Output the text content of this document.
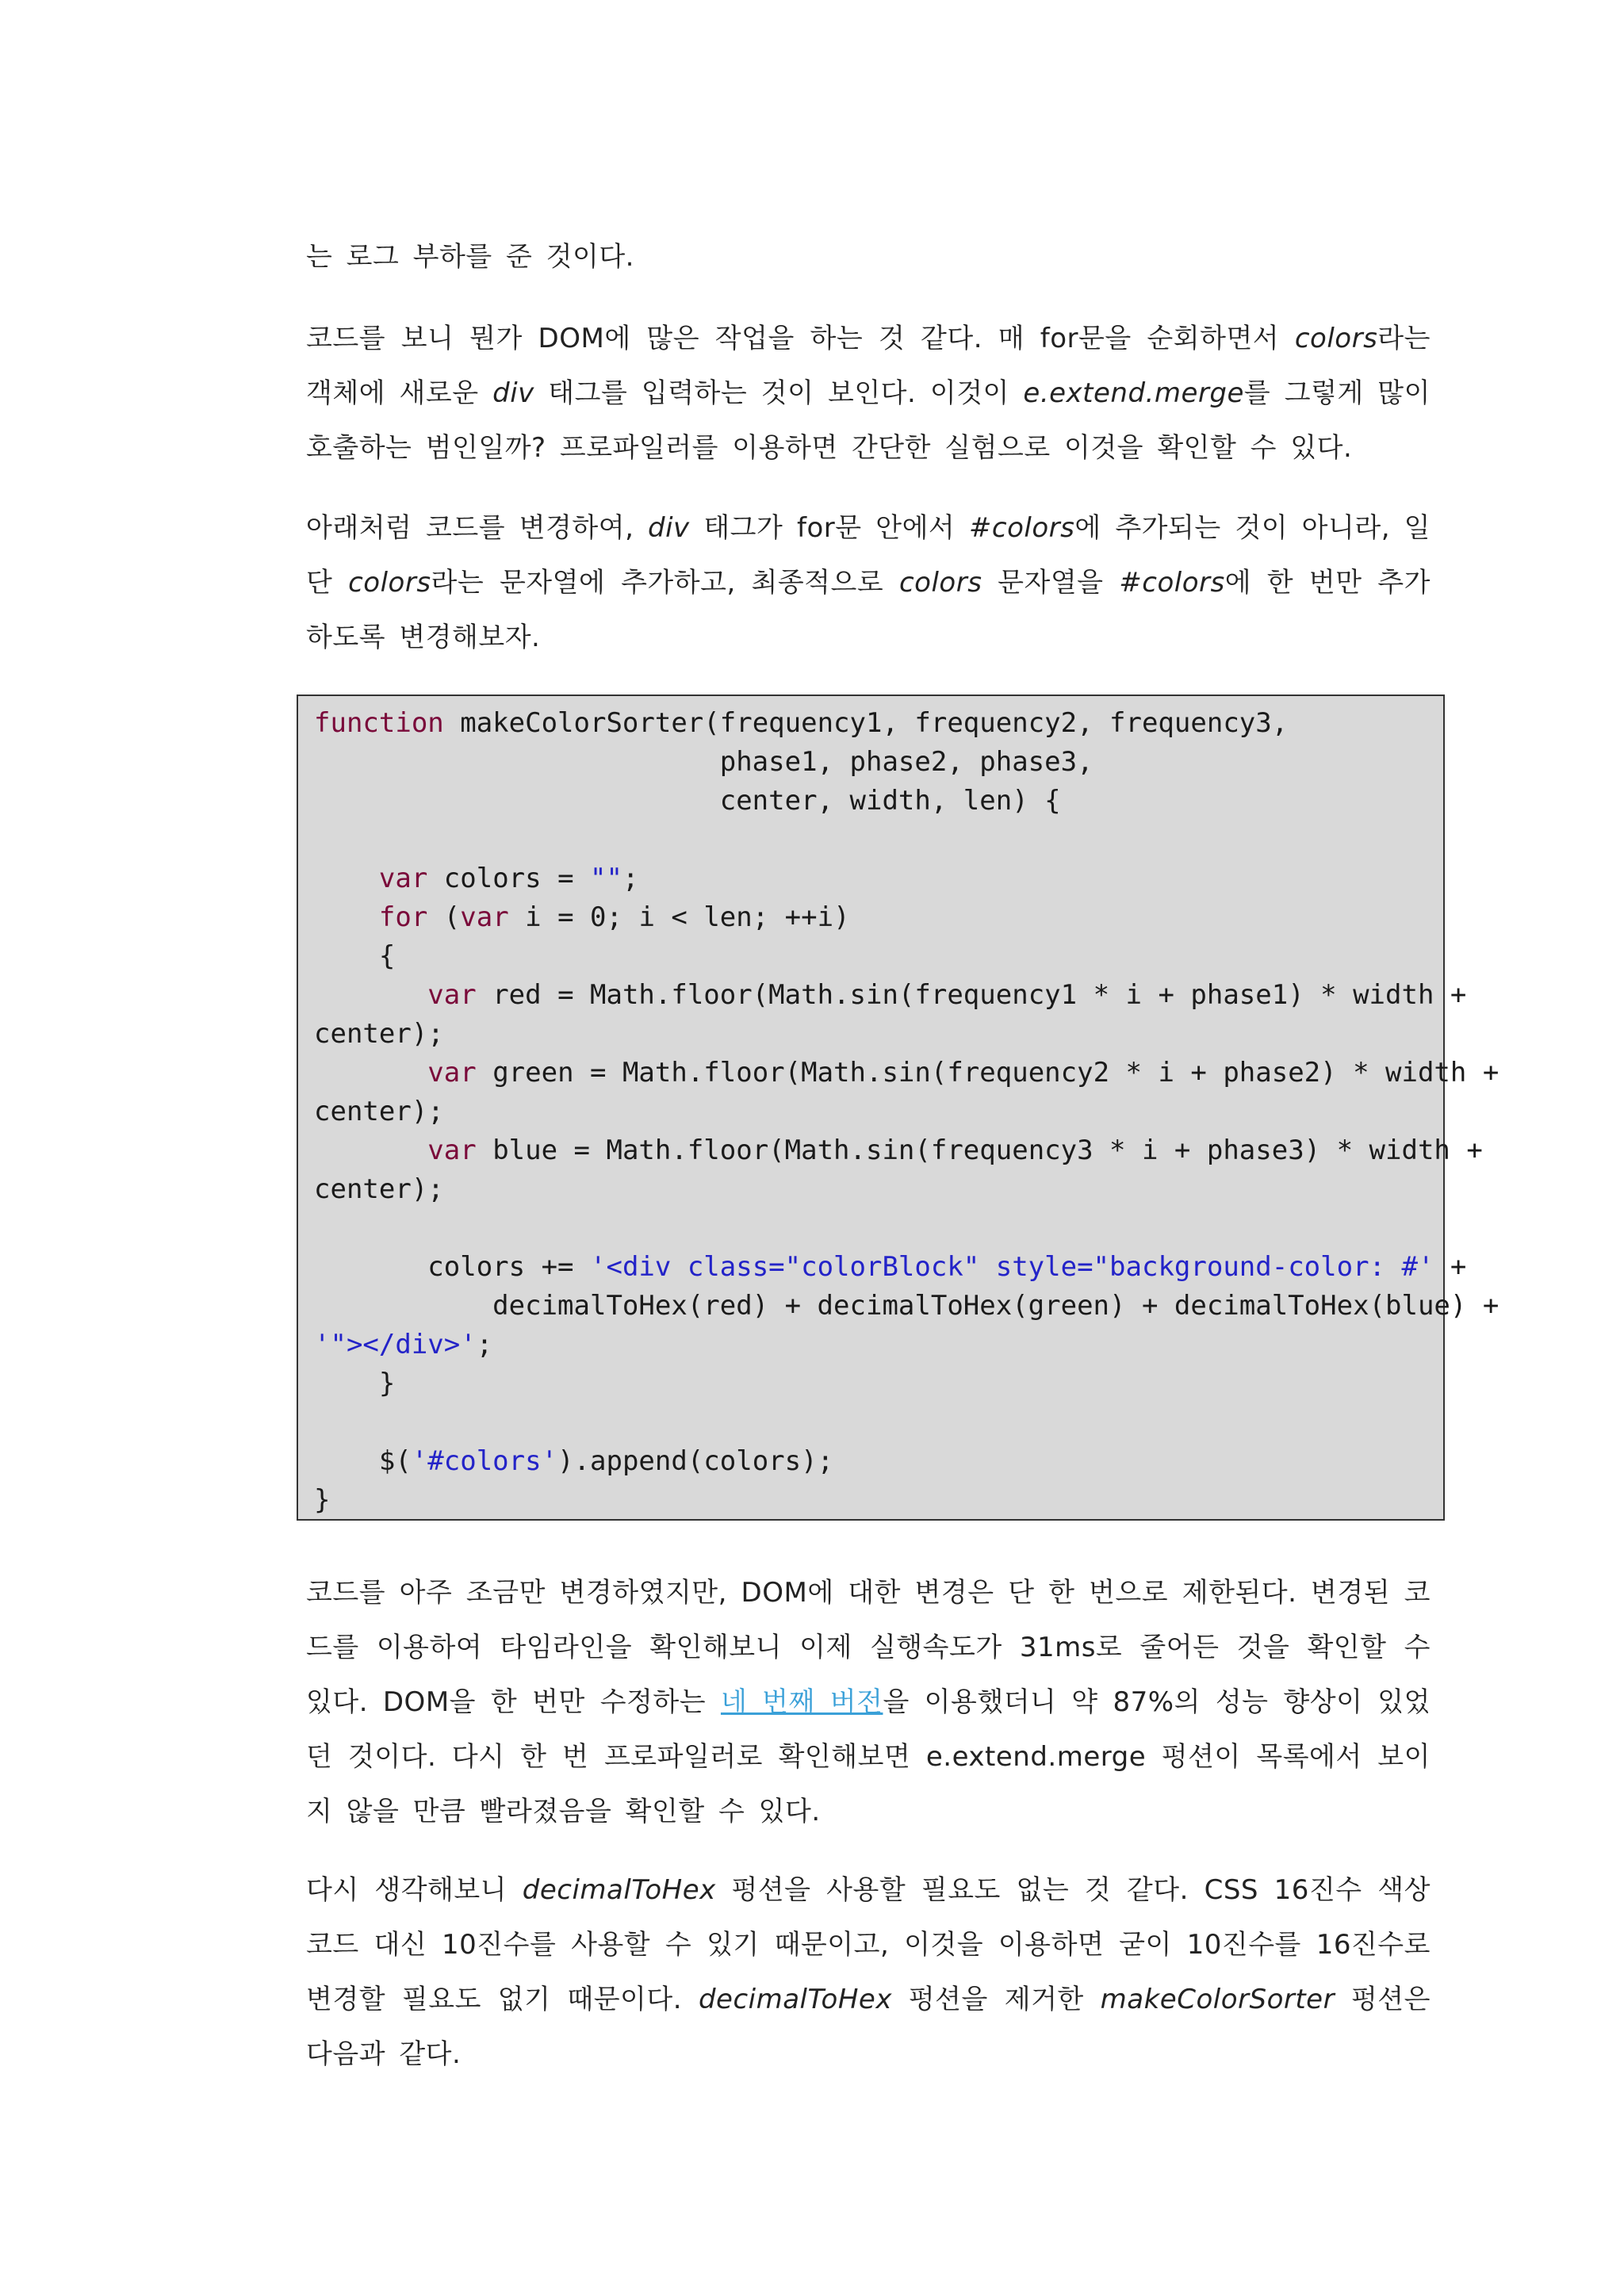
는 로그 부하를 준 것이다.
코드를 보니 뭔가 DOM에 많은 작업을 하는 것 같다. 매 for문을 순회하면서 colors라는 객체에 새로운 div 태그를 입력하는 것이 보인다. 이것이 e.extend.merge를 그렇게 많이 호출하는 범인일까? 프로파일러를 이용하면 간단한 실험으로 이것을 확인할 수 있다.
아래처럼 코드를 변경하여, div 태그가 for문 안에서 #colors에 추가되는 것이 아니라, 일단 colors라는 문자열에 추가하고, 최종적으로 colors 문자열을 #colors에 한 번만 추가하도록 변경해보자.
function makeColorSorter(frequency1, frequency2, frequency3,
phase1, phase2, phase3,
center, width, len) {

var colors = "";
for (var i = 0; i < len; ++i)
{
var red = Math.floor(Math.sin(frequency1 * i + phase1) * width +
center);
var green = Math.floor(Math.sin(frequency2 * i + phase2) * width +
center);
var blue = Math.floor(Math.sin(frequency3 * i + phase3) * width +
center);

colors += '<div class="colorBlock" style="background-color: #' +
decimalToHex(red) + decimalToHex(green) + decimalToHex(blue) +
'"></div>';
}

$('#colors').append(colors);
}
코드를 아주 조금만 변경하였지만, DOM에 대한 변경은 단 한 번으로 제한된다. 변경된 코드를 이용하여 타임라인을 확인해보니 이제 실행속도가 31ms로 줄어든 것을 확인할 수 있다. DOM을 한 번만 수정하는 네 번째 버전을 이용했더니 약 87%의 성능 향상이 있었던 것이다. 다시 한 번 프로파일러로 확인해보면 e.extend.merge 펑션이 목록에서 보이지 않을 만큼 빨라졌음을 확인할 수 있다.
다시 생각해보니 decimalToHex 펑션을 사용할 필요도 없는 것 같다. CSS 16진수 색상 코드 대신 10진수를 사용할 수 있기 때문이고, 이것을 이용하면 굳이 10진수를 16진수로 변경할 필요도 없기 때문이다. decimalToHex 펑션을 제거한 makeColorSorter 펑션은 다음과 같다.
